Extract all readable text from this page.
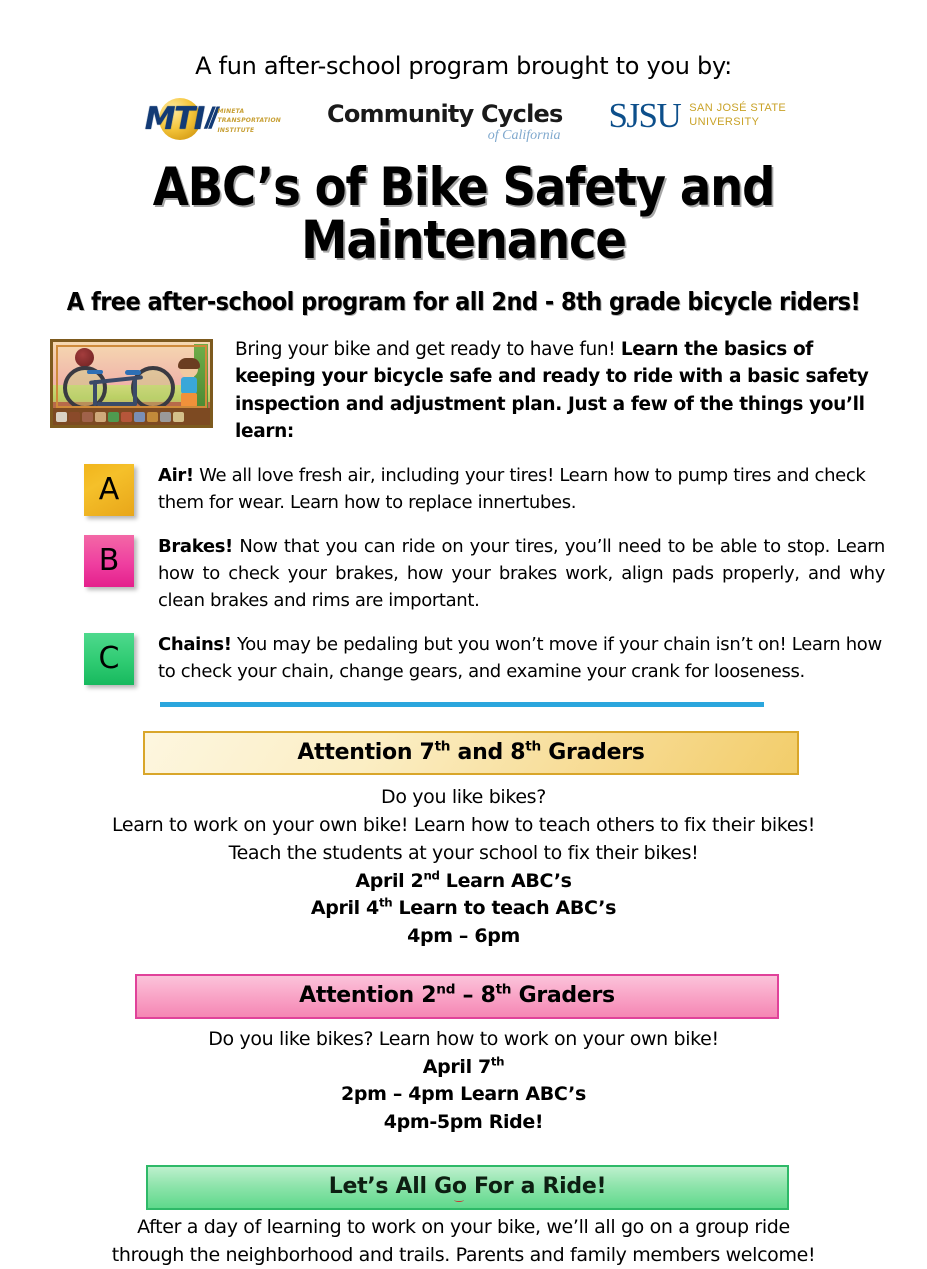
A fun after-school program brought to you by:
MTI // MINETA
TRANSPORTATION
INSTITUTE
Community Cycles
of California
SJSU SAN JOSÉ STATE
UNIVERSITY
ABC’s of Bike Safety and Maintenance
A free after-school program for all 2nd - 8th grade bicycle riders!
Bring your bike and get ready to have fun! Learn the basics of keeping your bicycle safe and ready to ride with a basic safety inspection and adjustment plan. Just a few of the things you’ll learn:
A	Air! We all love fresh air, including your tires! Learn how to pump tires and check them for wear. Learn how to replace innertubes.
B	Brakes! Now that you can ride on your tires, you’ll need to be able to stop. Learn how to check your brakes, how your brakes work, align pads properly, and why clean brakes and rims are important.
C	Chains! You may be pedaling but you won’t move if your chain isn’t on! Learn how to check your chain, change gears, and examine your crank for looseness.
Attention 7th and 8th Graders
Do you like bikes?
Learn to work on your own bike! Learn how to teach others to fix their bikes!
Teach the students at your school to fix their bikes!
April 2nd Learn ABC’s
April 4th Learn to teach ABC’s
4pm – 6pm
Attention 2nd – 8th Graders
Do you like bikes? Learn how to work on your own bike!
April 7th
2pm – 4pm Learn ABC’s
4pm-5pm Ride!
Let’s All Go For a Ride!
After a day of learning to work on your bike, we’ll all go on a group ride
through the neighborhood and trails. Parents and family members welcome!
